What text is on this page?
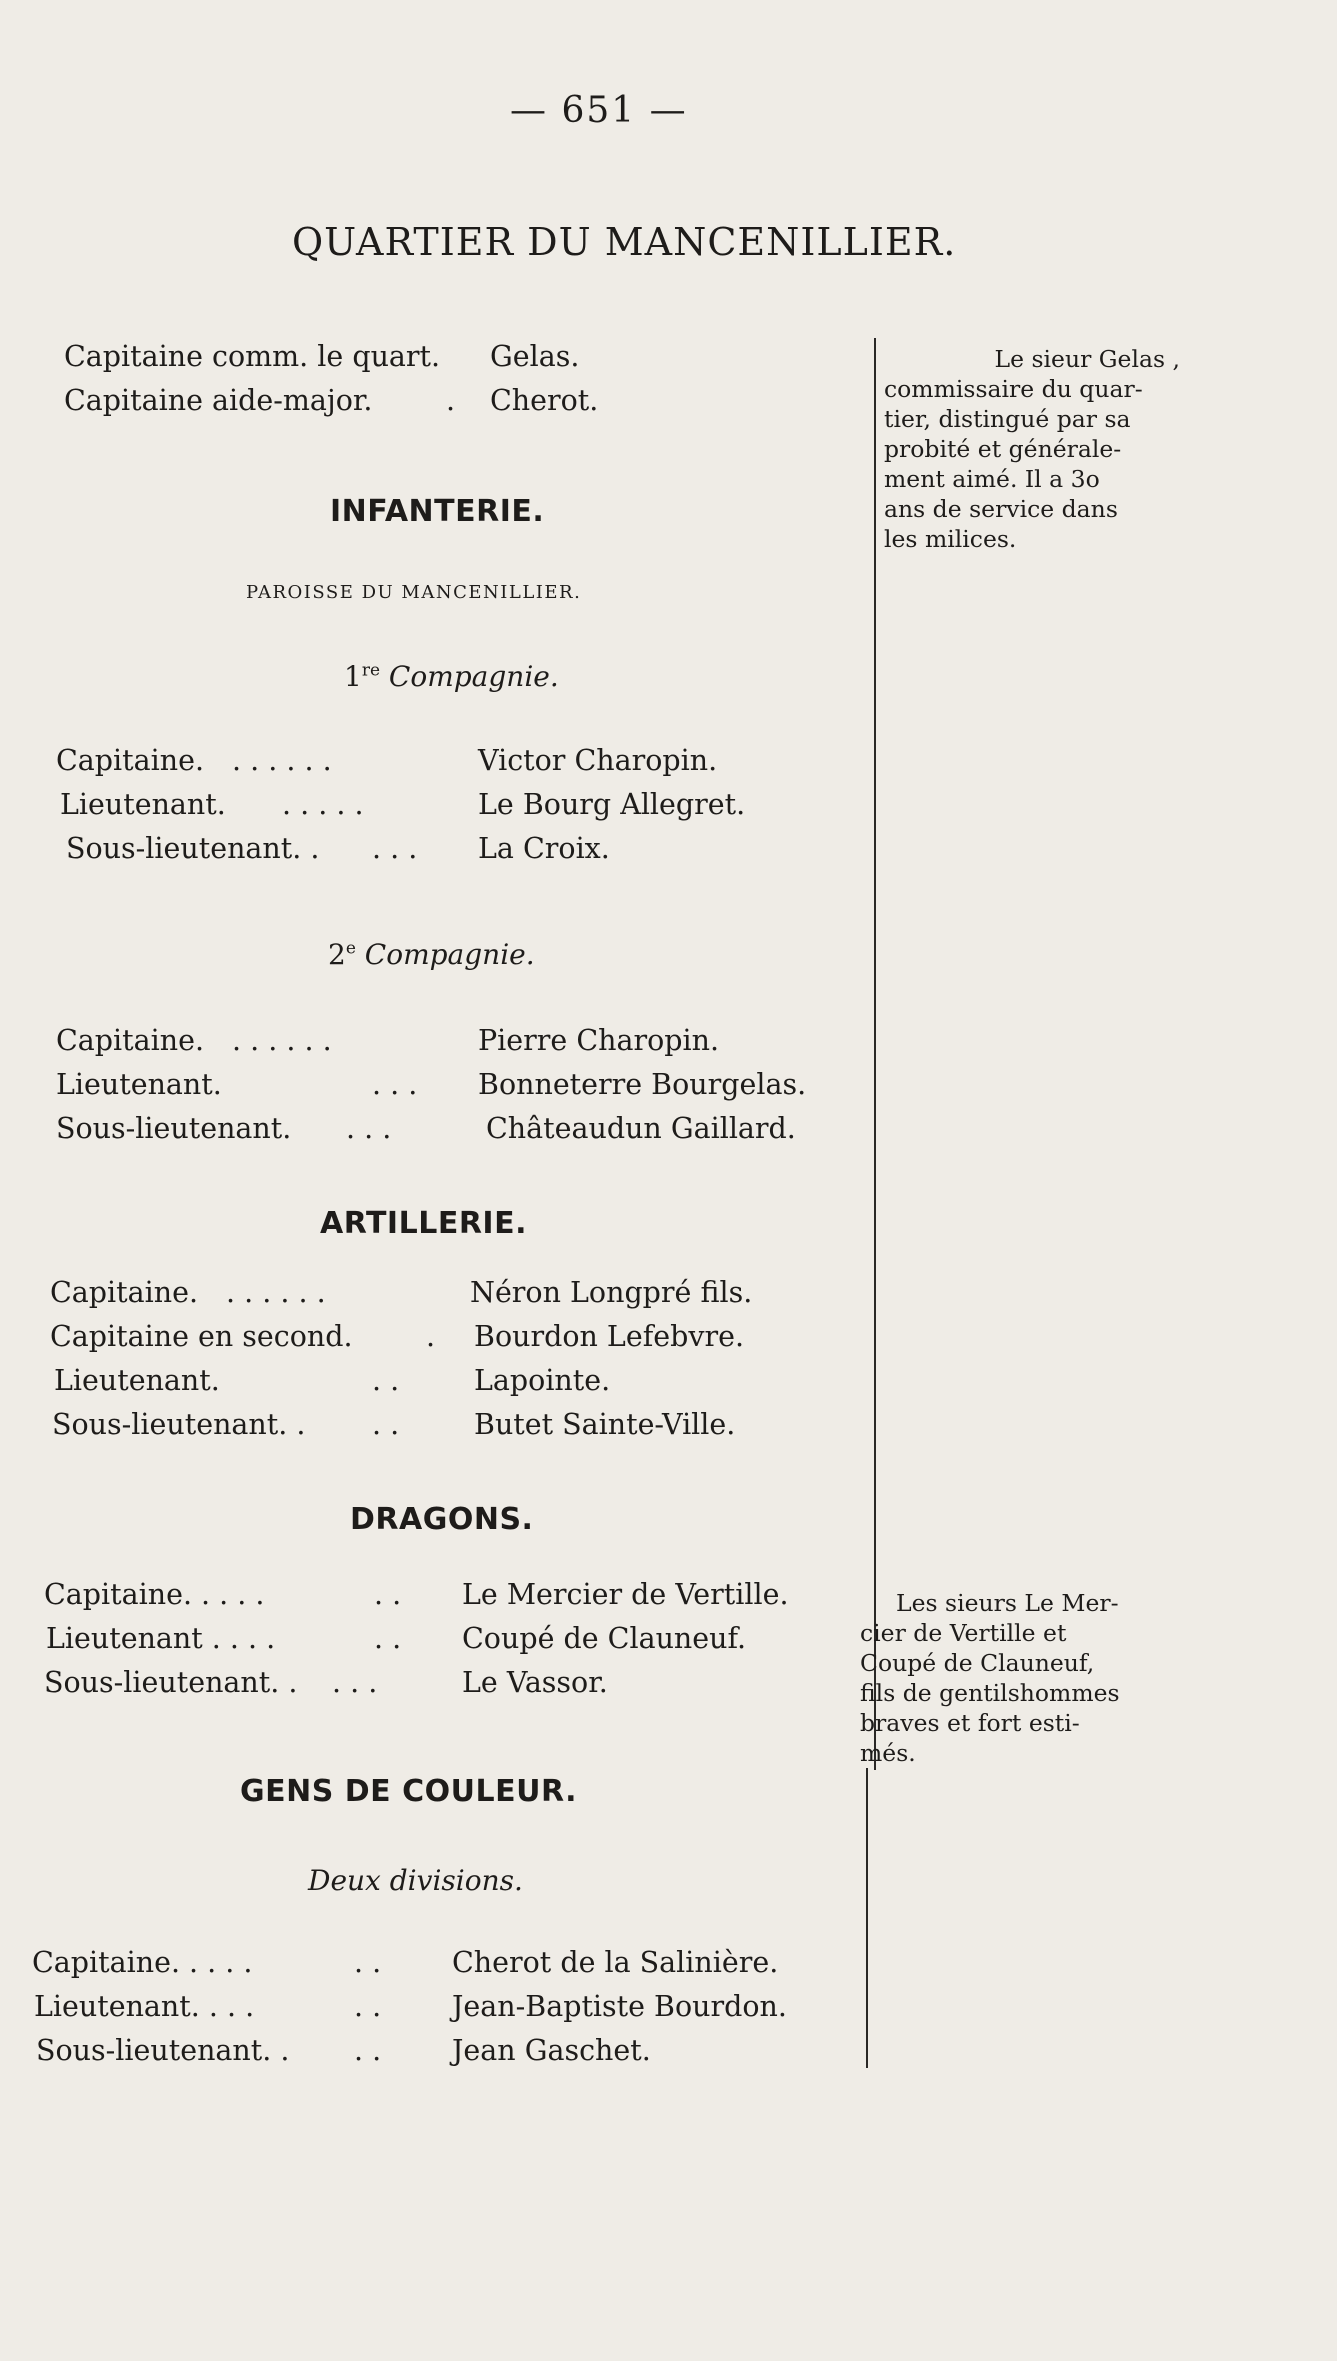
— 651 —
QUARTIER DU MANCENILLIER.
Capitaine comm. le quart. Gelas.
Capitaine aide-major.	. Cherot.
INFANTERIE.
PAROISSE DU MANCENILLIER.
1re Compagnie.
Capitaine. . . . . . .	Victor Charopin.
Lieutenant. . . . . .	Le Bourg Allegret.
Sous-lieutenant. . . . . La Croix.
2e Compagnie.
Capitaine. . . . . . .	Pierre Charopin.
Lieutenant.	. . . Bonneterre Bourgelas.
Sous-lieutenant. . . .	Châteaudun Gaillard.
ARTILLERIE.
Capitaine. . . . . . .	Néron Longpré fils.
Capitaine en second.	. Bourdon Lefebvre.
Lieutenant.	. .	Lapointe.
Sous-lieutenant. . . .	Butet Sainte-Ville.
DRAGONS.
Capitaine. . . . .	. . Le Mercier de Vertille.
Lieutenant . . . .	. . Coupé de Clauneuf.
Sous-lieutenant. . . . .	Le Vassor.
GENS DE COULEUR.
Deux divisions.
Capitaine. . . . .	. . Cherot de la Salinière.
Lieutenant. . . .	. . Jean-Baptiste Bourdon.
Sous-lieutenant. . . . Jean Gaschet.
Le sieur Gelas ,
commissaire du quar-
tier, distingué par sa
probité et générale-
ment aimé. Il a 3o
ans de service dans
les milices.
Les sieurs Le Mer-
cier de Vertille et
Coupé de Clauneuf,
fils de gentilshommes
braves et fort esti-
més.
